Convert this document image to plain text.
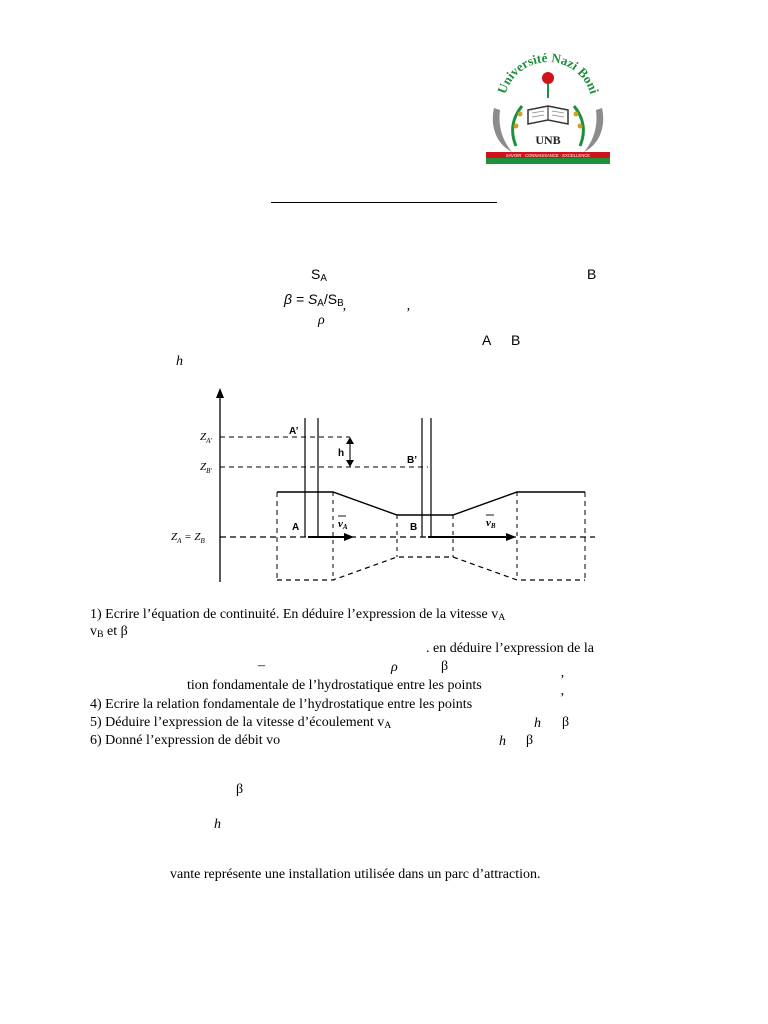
Université Nazi Boni
UNB
SAVOIR · CONNAISSANCE · EXCELLENCE
$S_A$	B
$\beta = S_A/S_B$
ρ ’	’
A B
h
$Z_{A'}$
$Z_{B'}$
$Z_A = Z_B$
A’
B’
h
A	B
vA	vB
1) Ecrire l’équation de continuité. En déduire l’expression de la vitesse $v_A$
$v_B$ et β
. en déduire l’expression de la
–	ρ	β
tion fondamentale de l’hydrostatique entre les points	’
4) Ecrire la relation fondamentale de l’hydrostatique entre les points	’
5) Déduire l’expression de la vitesse d’écoulement $v_A$	h β
6) Donné l’expression de débit vo	h β
β
h
vante représente une installation utilisée dans un parc d’attraction.
